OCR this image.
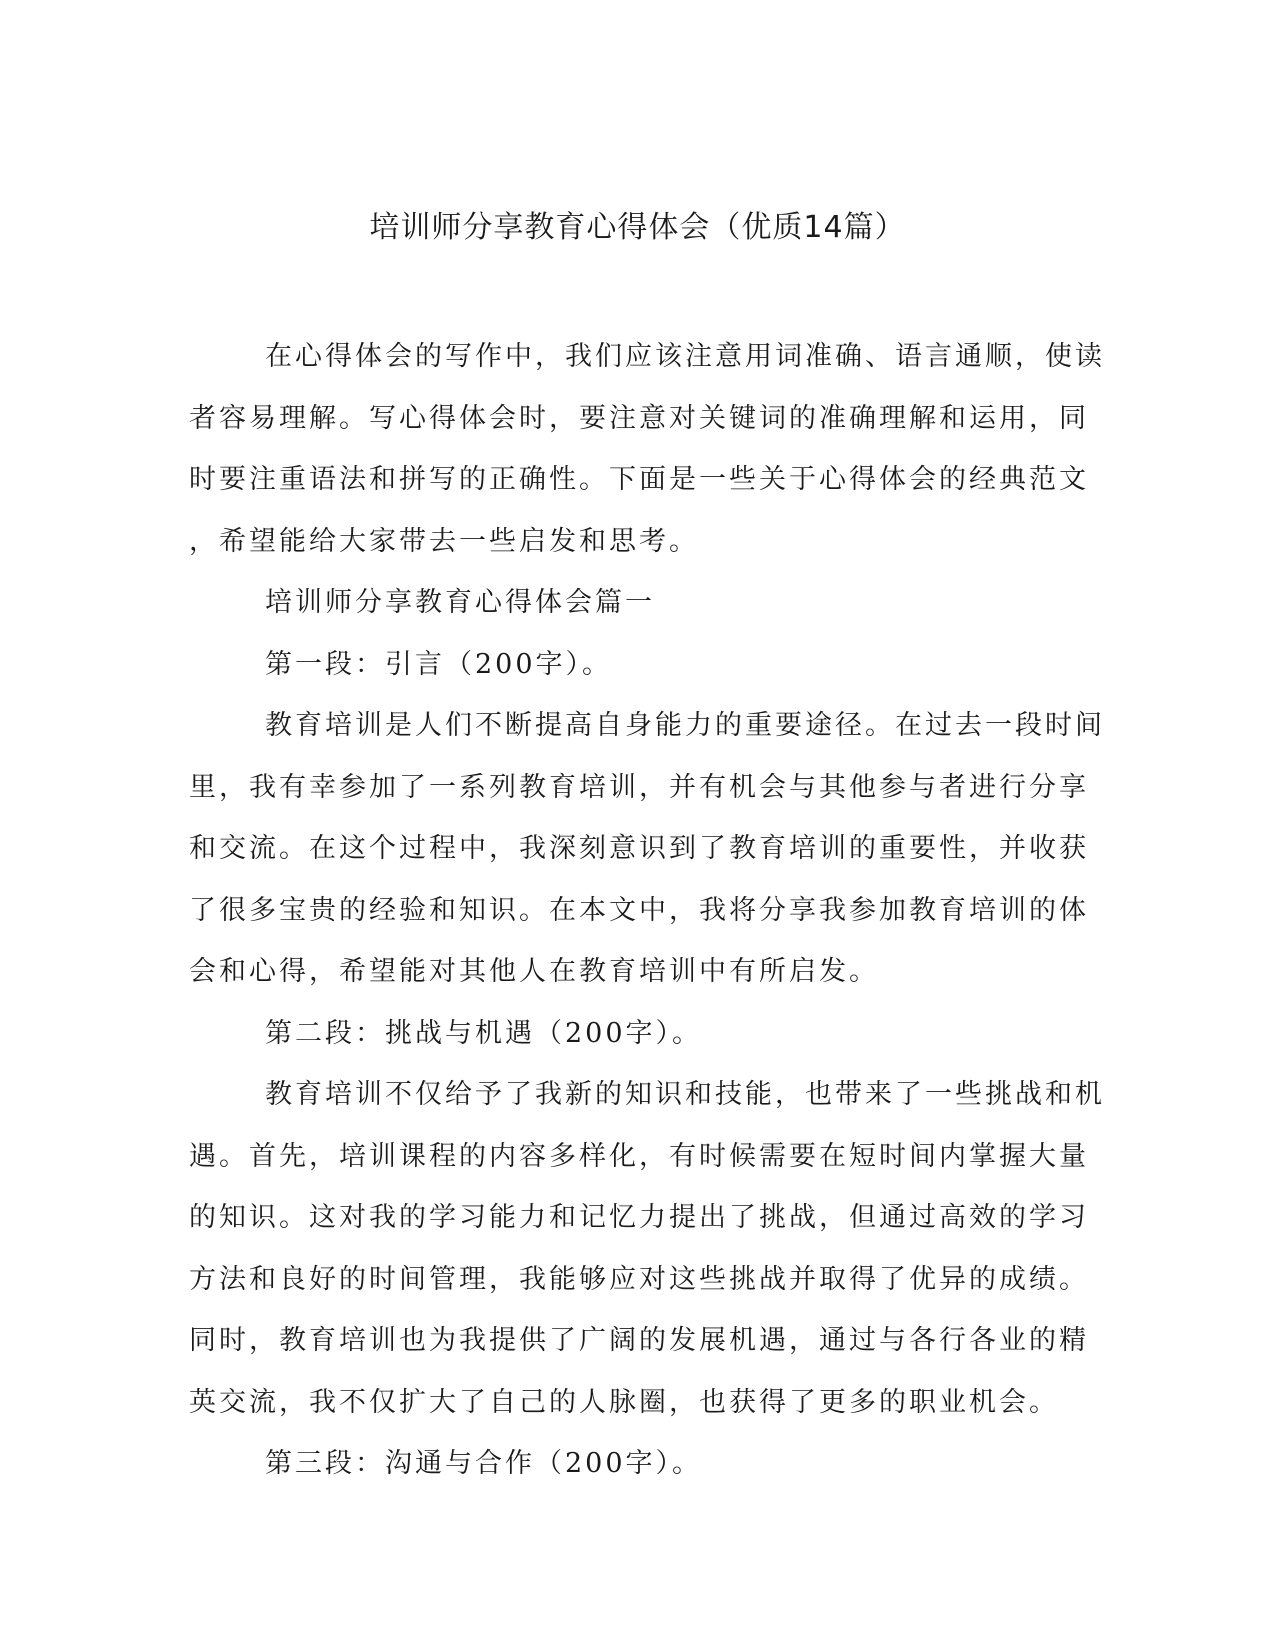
培训师分享教育心得体会（优质14篇）

在心得体会的写作中，我们应该注意用词准确、语言通顺，使读

者容易理解。写心得体会时，要注意对关键词的准确理解和运用，同

时要注重语法和拼写的正确性。下面是一些关于心得体会的经典范文

，希望能给大家带去一些启发和思考。

培训师分享教育心得体会篇一

第一段：引言（200字）。

教育培训是人们不断提高自身能力的重要途径。在过去一段时间

里，我有幸参加了一系列教育培训，并有机会与其他参与者进行分享

和交流。在这个过程中，我深刻意识到了教育培训的重要性，并收获

了很多宝贵的经验和知识。在本文中，我将分享我参加教育培训的体

会和心得，希望能对其他人在教育培训中有所启发。

第二段：挑战与机遇（200字）。

教育培训不仅给予了我新的知识和技能，也带来了一些挑战和机

遇。首先，培训课程的内容多样化，有时候需要在短时间内掌握大量

的知识。这对我的学习能力和记忆力提出了挑战，但通过高效的学习

方法和良好的时间管理，我能够应对这些挑战并取得了优异的成绩。

同时，教育培训也为我提供了广阔的发展机遇，通过与各行各业的精

英交流，我不仅扩大了自己的人脉圈，也获得了更多的职业机会。

第三段：沟通与合作（200字）。
